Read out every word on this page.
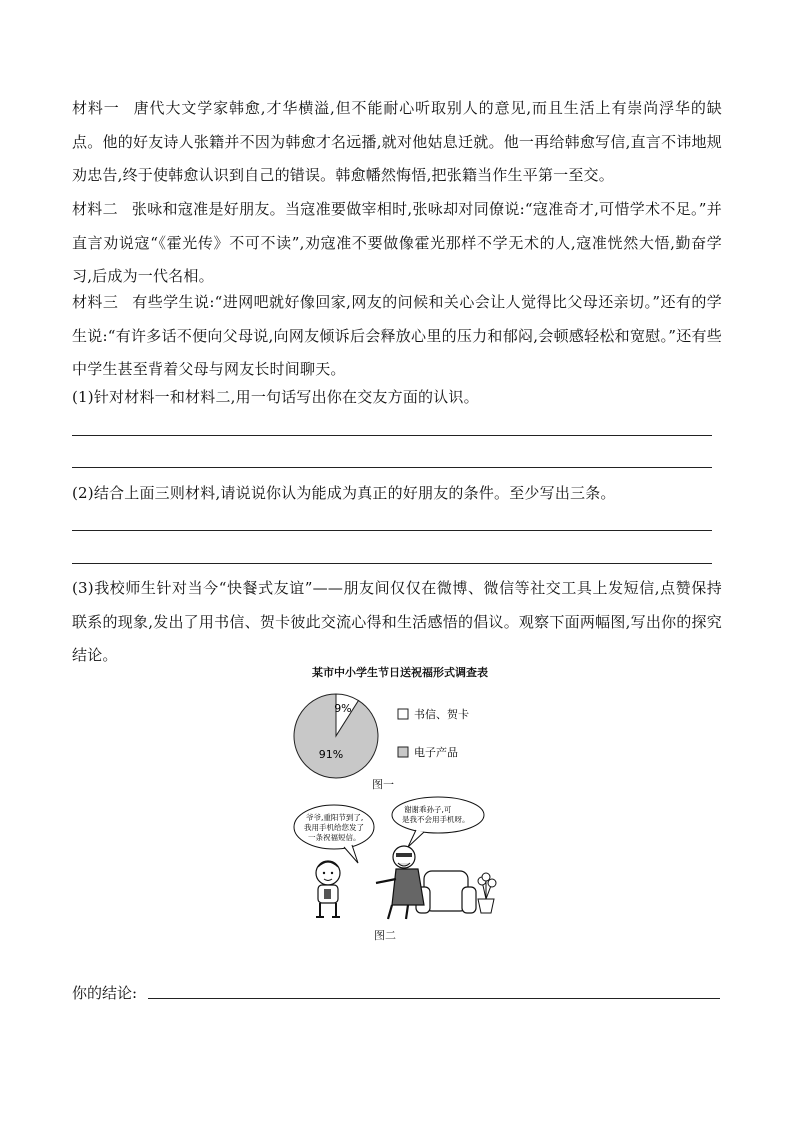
材料一 唐代大文学家韩愈,才华横溢,但不能耐心听取别人的意见,而且生活上有崇尚浮华的缺点。他的好友诗人张籍并不因为韩愈才名远播,就对他姑息迁就。他一再给韩愈写信,直言不讳地规劝忠告,终于使韩愈认识到自己的错误。韩愈幡然悔悟,把张籍当作生平第一至交。

材料二 张咏和寇准是好朋友。当寇准要做宰相时,张咏却对同僚说:“寇准奇才,可惜学术不足。”并直言劝说寇“《霍光传》不可不读”,劝寇准不要做像霍光那样不学无术的人,寇准恍然大悟,勤奋学习,后成为一代名相。

材料三 有些学生说:“进网吧就好像回家,网友的问候和关心会让人觉得比父母还亲切。”还有的学生说:“有许多话不便向父母说,向网友倾诉后会释放心里的压力和郁闷,会顿感轻松和宽慰。”还有些中学生甚至背着父母与网友长时间聊天。

(1)针对材料一和材料二,用一句话写出你在交友方面的认识。

(2)结合上面三则材料,请说说你认为能成为真正的好朋友的条件。至少写出三条。

(3)我校师生针对当今“快餐式友谊”——朋友间仅仅在微博、微信等社交工具上发短信,点赞保持联系的现象,发出了用书信、贺卡彼此交流心得和生活感悟的倡议。观察下面两幅图,写出你的探究结论。

某市中小学生节日送祝福形式调查表
9%
91%
书信、贺卡
电子产品
图一
爷爷,重阳节到了,
我用手机给您发了
一条祝福短信。
谢谢乖孙子,可
是我不会用手机呀。
图二
你的结论:
